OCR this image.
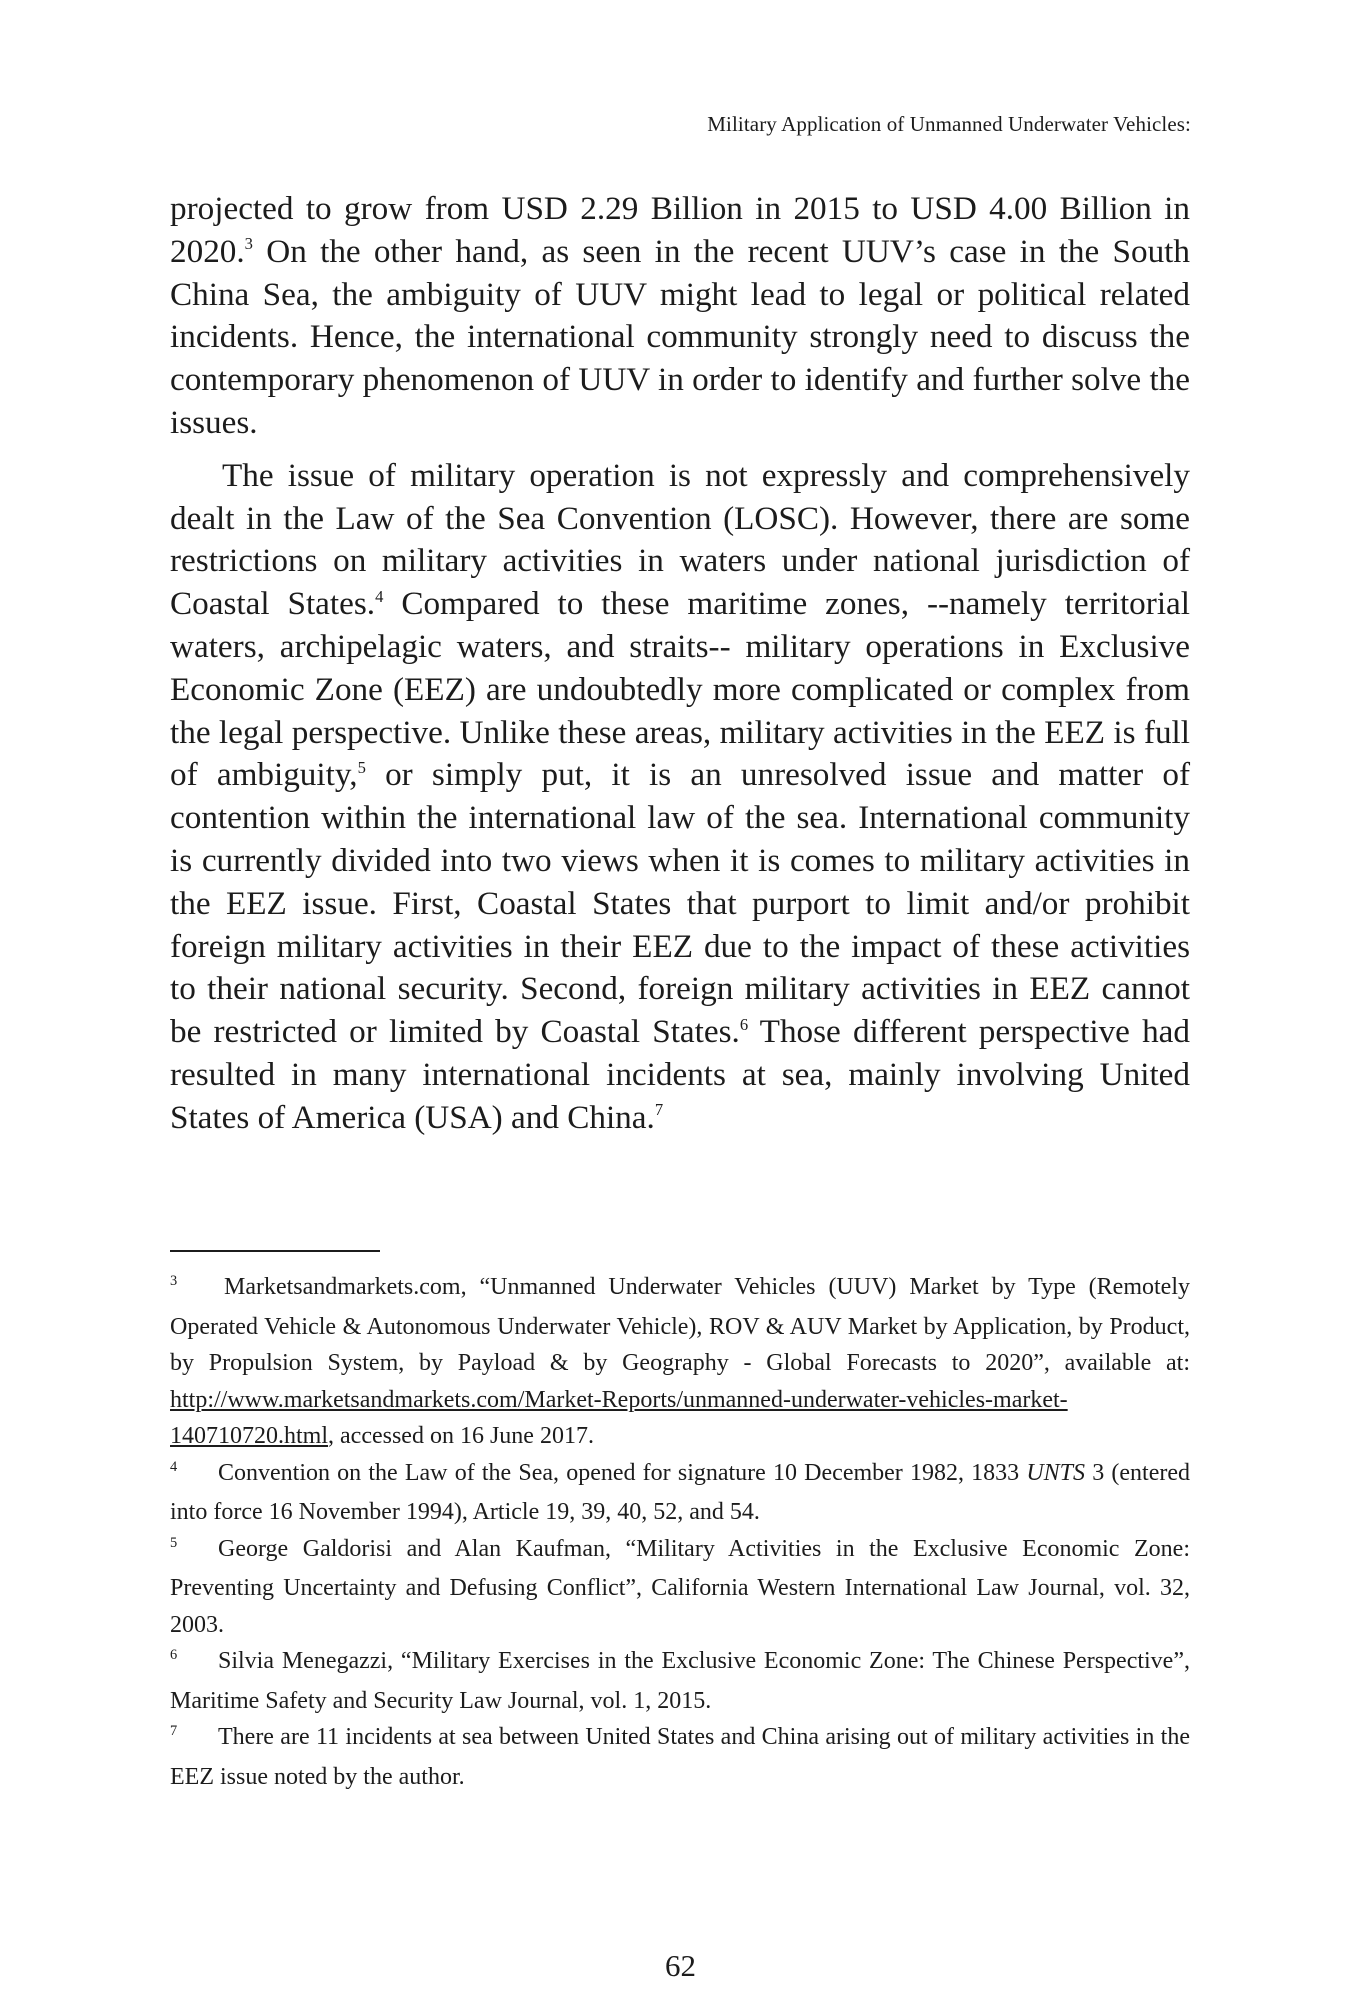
Military Application of Unmanned Underwater Vehicles:

projected to grow from USD 2.29 Billion in 2015 to USD 4.00 Billion in 2020.$^3$ On the other hand, as seen in the recent UUV’s case in the South China Sea, the ambiguity of UUV might lead to legal or political related incidents. Hence, the international community strongly need to discuss the contemporary phenomenon of UUV in order to identify and further solve the issues.

The issue of military operation is not expressly and comprehensively dealt in the Law of the Sea Convention (LOSC). However, there are some restrictions on military activities in waters under national jurisdiction of Coastal States.$^4$ Compared to these maritime zones, --namely territorial waters, archipelagic waters, and straits-- military operations in Exclusive Economic Zone (EEZ) are undoubtedly more complicated or complex from the legal perspective. Unlike these areas, military activities in the EEZ is full of ambiguity,$^5$ or simply put, it is an unresolved issue and matter of contention within the international law of the sea. International community is currently divided into two views when it is comes to military activities in the EEZ issue. First, Coastal States that purport to limit and/or prohibit foreign military activities in their EEZ due to the impact of these activities to their national security. Second, foreign military activities in EEZ cannot be restricted or limited by Coastal States.$^6$ Those different perspective had resulted in many international incidents at sea, mainly involving United States of America (USA) and China.$^7$

3 Marketsandmarkets.com, “Unmanned Underwater Vehicles (UUV) Market by Type (Remotely Operated Vehicle & Autonomous Underwater Vehicle), ROV & AUV Market by Application, by Product, by Propulsion System, by Payload & by Geography - Global Forecasts to 2020”, available at: http://www.marketsandmarkets.com/Market-Reports/unmanned-underwater-vehicles-market-140710720.html, accessed on 16 June 2017.

4 Convention on the Law of the Sea, opened for signature 10 December 1982, 1833 UNTS 3 (entered into force 16 November 1994), Article 19, 39, 40, 52, and 54.

5 George Galdorisi and Alan Kaufman, “Military Activities in the Exclusive Economic Zone: Preventing Uncertainty and Defusing Conflict”, California Western International Law Journal, vol. 32, 2003.

6 Silvia Menegazzi, “Military Exercises in the Exclusive Economic Zone: The Chinese Perspective”, Maritime Safety and Security Law Journal, vol. 1, 2015.

7 There are 11 incidents at sea between United States and China arising out of military activities in the EEZ issue noted by the author.

62
